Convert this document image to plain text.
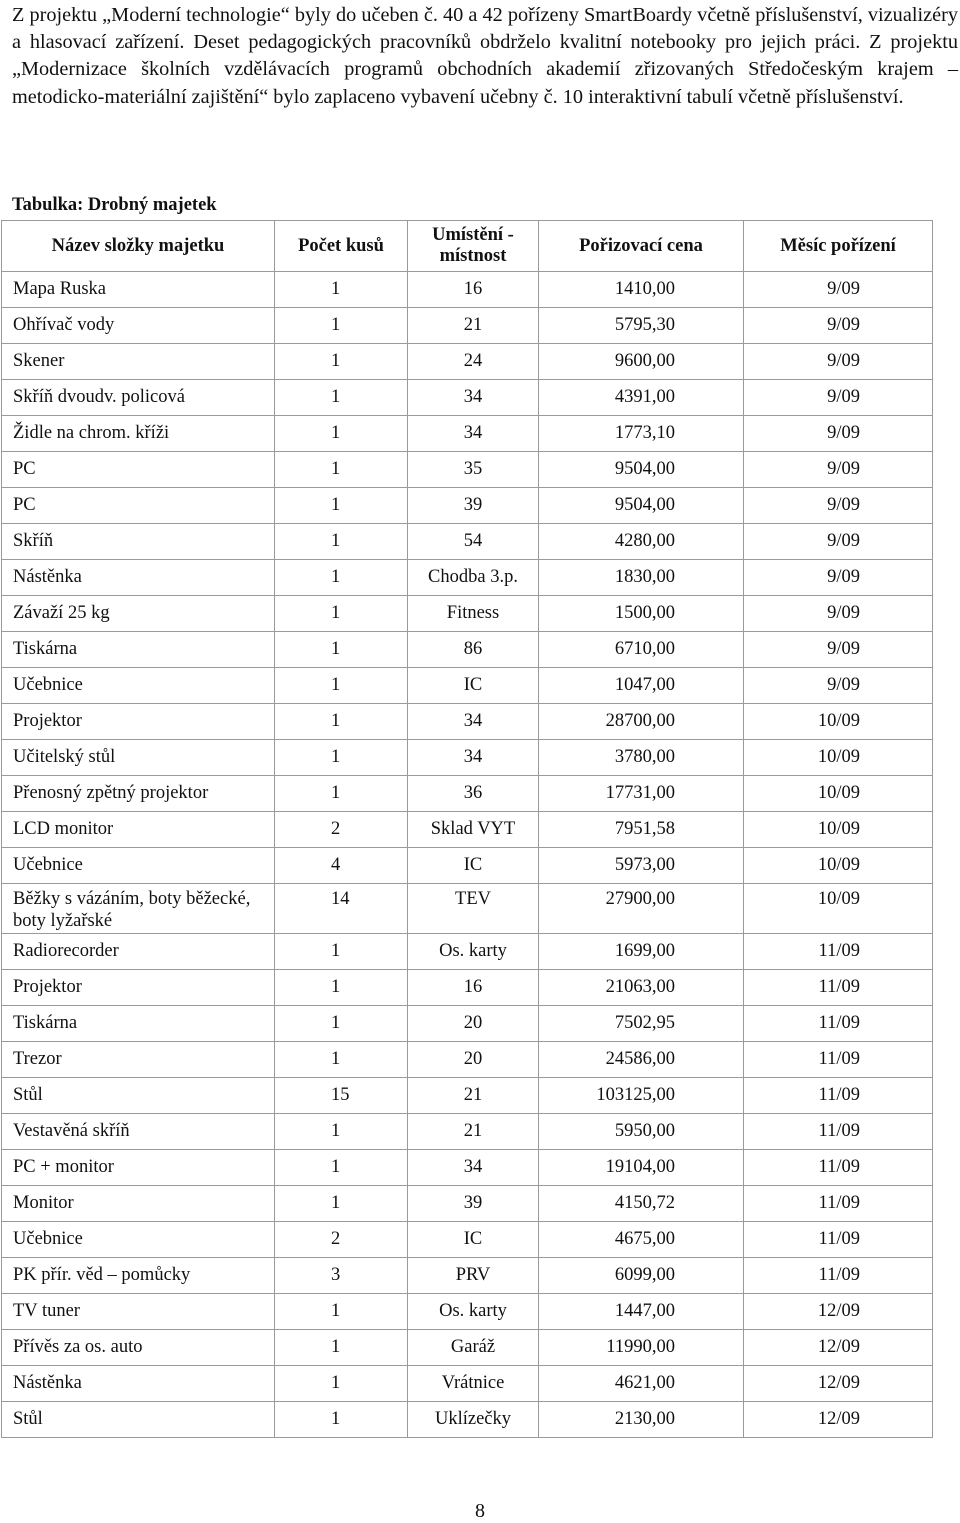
Z projektu „Moderní technologie“ byly do učeben č. 40 a 42 pořízeny SmartBoardy včetně příslušenství, vizualizéry a hlasovací zařízení. Deset pedagogických pracovníků obdrželo kvalitní notebooky pro jejich práci. Z projektu „Modernizace školních vzdělávacích programů obchodních akademií zřizovaných Středočeským krajem – metodicko-materiální zajištění“ bylo zaplaceno vybavení učebny č. 10 interaktivní tabulí včetně příslušenství.

Tabulka: Drobný majetek
Název složky majetku	Počet kusů	Umístění - místnost	Pořizovací cena	Měsíc pořízení
Mapa Ruska	1	16	1410,00	9/09
Ohřívač vody	1	21	5795,30	9/09
Skener	1	24	9600,00	9/09
Skříň dvoudv. policová	1	34	4391,00	9/09
Židle na chrom. kříži	1	34	1773,10	9/09
PC	1	35	9504,00	9/09
PC	1	39	9504,00	9/09
Skříň	1	54	4280,00	9/09
Nástěnka	1	Chodba 3.p.	1830,00	9/09
Závaží 25 kg	1	Fitness	1500,00	9/09
Tiskárna	1	86	6710,00	9/09
Učebnice	1	IC	1047,00	9/09
Projektor	1	34	28700,00	10/09
Učitelský stůl	1	34	3780,00	10/09
Přenosný zpětný projektor	1	36	17731,00	10/09
LCD monitor	2	Sklad VYT	7951,58	10/09
Učebnice	4	IC	5973,00	10/09
Běžky s vázáním, boty běžecké, boty lyžařské	14	TEV	27900,00	10/09
Radiorecorder	1	Os. karty	1699,00	11/09
Projektor	1	16	21063,00	11/09
Tiskárna	1	20	7502,95	11/09
Trezor	1	20	24586,00	11/09
Stůl	15	21	103125,00	11/09
Vestavěná skříň	1	21	5950,00	11/09
PC + monitor	1	34	19104,00	11/09
Monitor	1	39	4150,72	11/09
Učebnice	2	IC	4675,00	11/09
PK přír. věd – pomůcky	3	PRV	6099,00	11/09
TV tuner	1	Os. karty	1447,00	12/09
Přívěs za os. auto	1	Garáž	11990,00	12/09
Nástěnka	1	Vrátnice	4621,00	12/09
Stůl	1	Uklízečky	2130,00	12/09
8
